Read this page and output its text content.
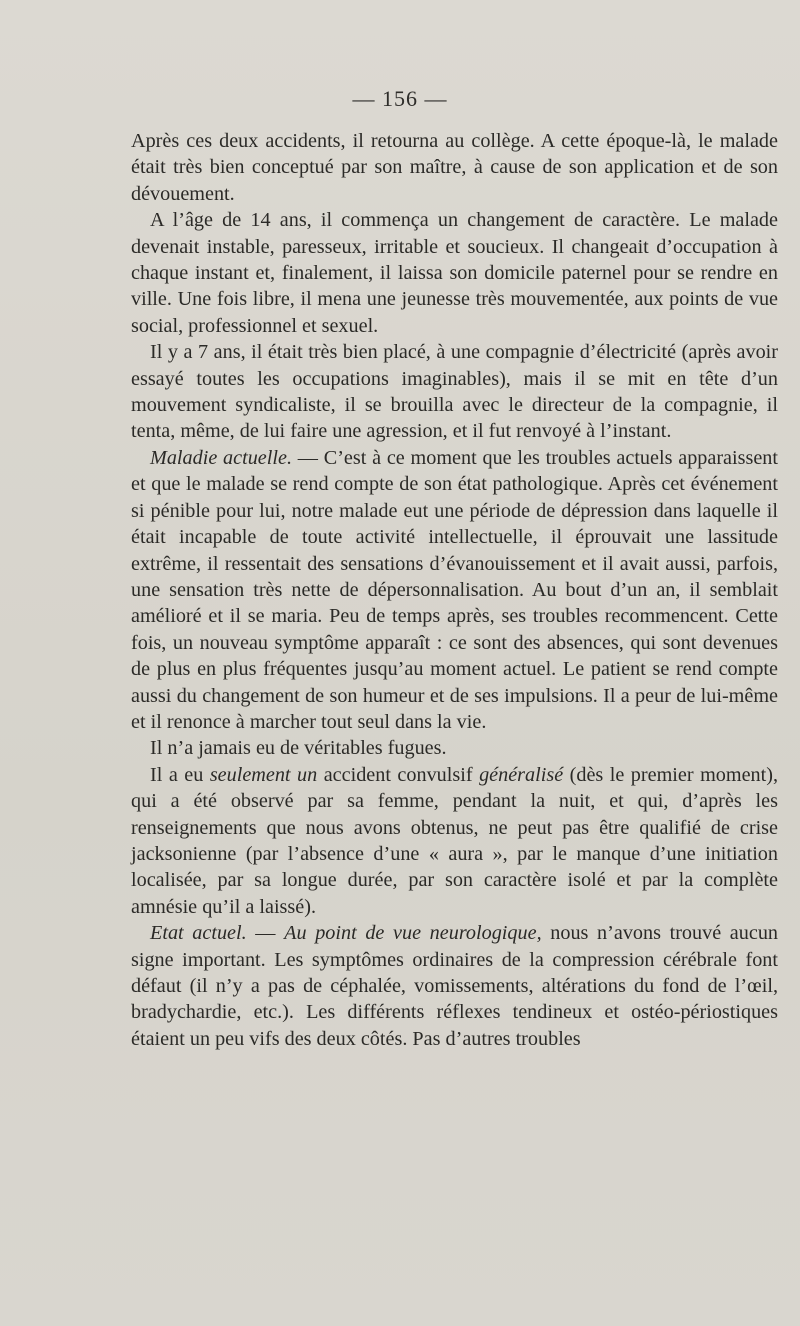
— 156 —

Après ces deux accidents, il retourna au collège. A cette époque-là, le malade était très bien conceptué par son maître, à cause de son application et de son dévouement.

A l’âge de 14 ans, il commença un changement de caractère. Le malade devenait instable, paresseux, irritable et soucieux. Il changeait d’occupation à chaque instant et, finalement, il laissa son domicile paternel pour se rendre en ville. Une fois libre, il mena une jeunesse très mouvementée, aux points de vue social, professionnel et sexuel.

Il y a 7 ans, il était très bien placé, à une compagnie d’électricité (après avoir essayé toutes les occupations imaginables), mais il se mit en tête d’un mouvement syndicaliste, il se brouilla avec le directeur de la compagnie, il tenta, même, de lui faire une agression, et il fut renvoyé à l’instant.

Maladie actuelle. — C’est à ce moment que les troubles actuels apparaissent et que le malade se rend compte de son état pathologique. Après cet événement si pénible pour lui, notre malade eut une période de dépression dans laquelle il était incapable de toute activité intellectuelle, il éprouvait une lassitude extrême, il ressentait des sensations d’évanouissement et il avait aussi, parfois, une sensation très nette de dépersonnalisation. Au bout d’un an, il semblait amélioré et il se maria. Peu de temps après, ses troubles recommencent. Cette fois, un nouveau symptôme apparaît : ce sont des absences, qui sont devenues de plus en plus fréquentes jusqu’au moment actuel. Le patient se rend compte aussi du changement de son humeur et de ses impulsions. Il a peur de lui-même et il renonce à marcher tout seul dans la vie.

Il n’a jamais eu de véritables fugues.

Il a eu seulement un accident convulsif généralisé (dès le premier moment), qui a été observé par sa femme, pendant la nuit, et qui, d’après les renseignements que nous avons obtenus, ne peut pas être qualifié de crise jacksonienne (par l’absence d’une « aura », par le manque d’une initiation localisée, par sa longue durée, par son caractère isolé et par la complète amnésie qu’il a laissé).

Etat actuel. — Au point de vue neurologique, nous n’avons trouvé aucun signe important. Les symptômes ordinaires de la compression cérébrale font défaut (il n’y a pas de céphalée, vomissements, altérations du fond de l’œil, bradychardie, etc.). Les différents réflexes tendineux et ostéo-périostiques étaient un peu vifs des deux côtés. Pas d’autres troubles
